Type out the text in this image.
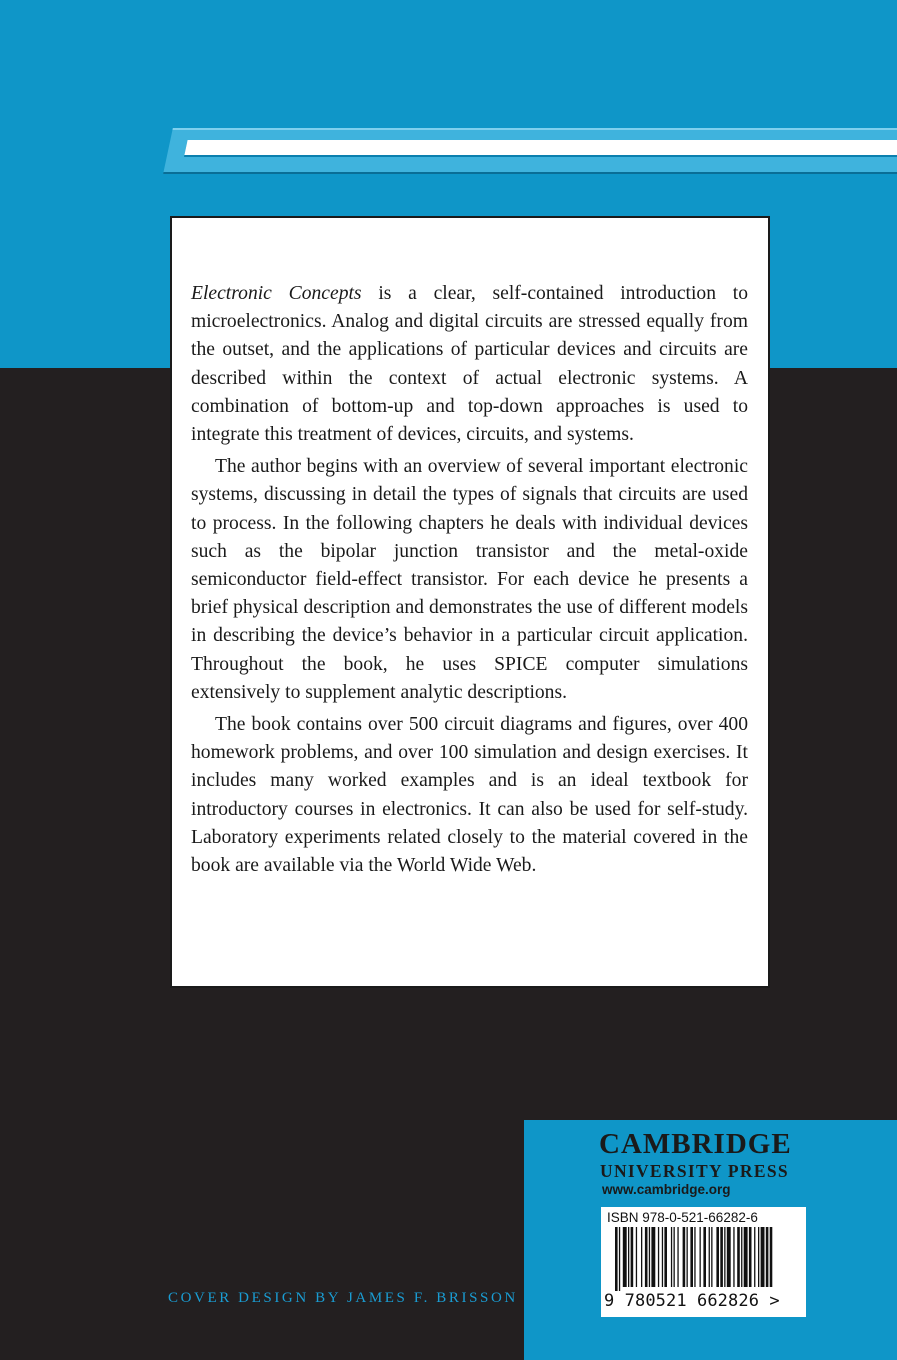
Electronic Concepts is a clear, self-contained introduction to microelectronics. Analog and digital circuits are stressed equally from the outset, and the applications of particular devices and circuits are described within the context of actual electronic systems. A combination of bottom-up and top-down approaches is used to integrate this treatment of devices, circuits, and systems.

The author begins with an overview of several important electronic systems, discussing in detail the types of signals that circuits are used to process. In the following chapters he deals with individual devices such as the bipolar junction transistor and the metal-oxide semiconductor field-effect transistor. For each device he presents a brief physical description and demonstrates the use of different models in describing the device’s behavior in a particular circuit application. Throughout the book, he uses SPICE computer simulations extensively to supplement analytic descriptions.

The book contains over 500 circuit diagrams and figures, over 400 homework problems, and over 100 simulation and design exercises. It includes many worked examples and is an ideal textbook for introductory courses in electronics. It can also be used for self-study. Laboratory experiments related closely to the material covered in the book are available via the World Wide Web.

COVER DESIGN BY JAMES F. BRISSON
CAMBRIDGE
UNIVERSITY PRESS
www.cambridge.org
ISBN 978-0-521-66282-6
9 780521 662826 >
